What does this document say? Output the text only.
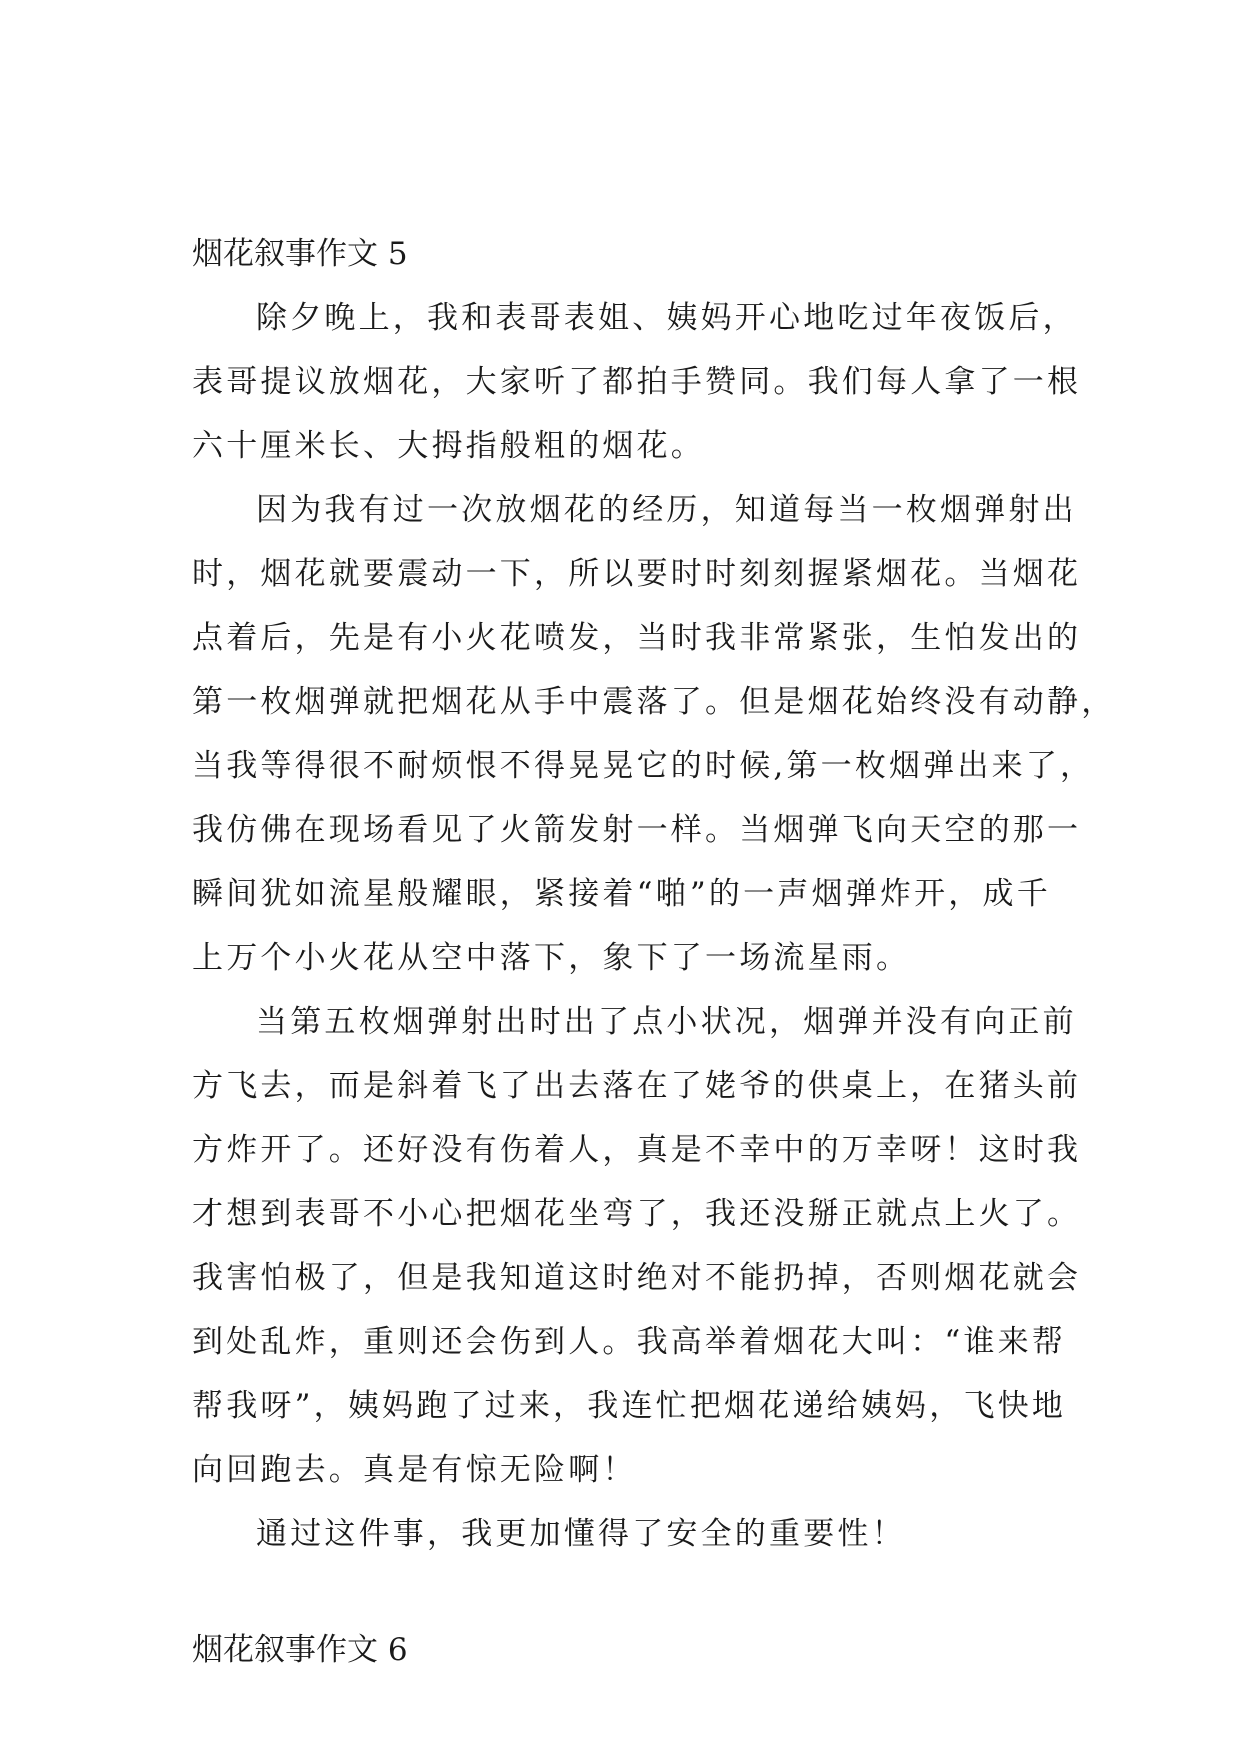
烟花叙事作文 5
除夕晚上，我和表哥表姐、姨妈开心地吃过年夜饭后，
表哥提议放烟花，大家听了都拍手赞同。我们每人拿了一根
六十厘米长、大拇指般粗的烟花。
因为我有过一次放烟花的经历，知道每当一枚烟弹射出
时，烟花就要震动一下，所以要时时刻刻握紧烟花。当烟花
点着后，先是有小火花喷发，当时我非常紧张，生怕发出的
第一枚烟弹就把烟花从手中震落了。但是烟花始终没有动静，
当我等得很不耐烦恨不得晃晃它的时候,第一枚烟弹出来了，
我仿佛在现场看见了火箭发射一样。当烟弹飞向天空的那一
瞬间犹如流星般耀眼，紧接着“啪”的一声烟弹炸开，成千
上万个小火花从空中落下，象下了一场流星雨。
当第五枚烟弹射出时出了点小状况，烟弹并没有向正前
方飞去，而是斜着飞了出去落在了姥爷的供桌上，在猪头前
方炸开了。还好没有伤着人，真是不幸中的万幸呀！这时我
才想到表哥不小心把烟花坐弯了，我还没掰正就点上火了。
我害怕极了，但是我知道这时绝对不能扔掉，否则烟花就会
到处乱炸，重则还会伤到人。我高举着烟花大叫：“谁来帮
帮我呀”，姨妈跑了过来，我连忙把烟花递给姨妈，飞快地
向回跑去。真是有惊无险啊！
通过这件事，我更加懂得了安全的重要性！
烟花叙事作文 6
